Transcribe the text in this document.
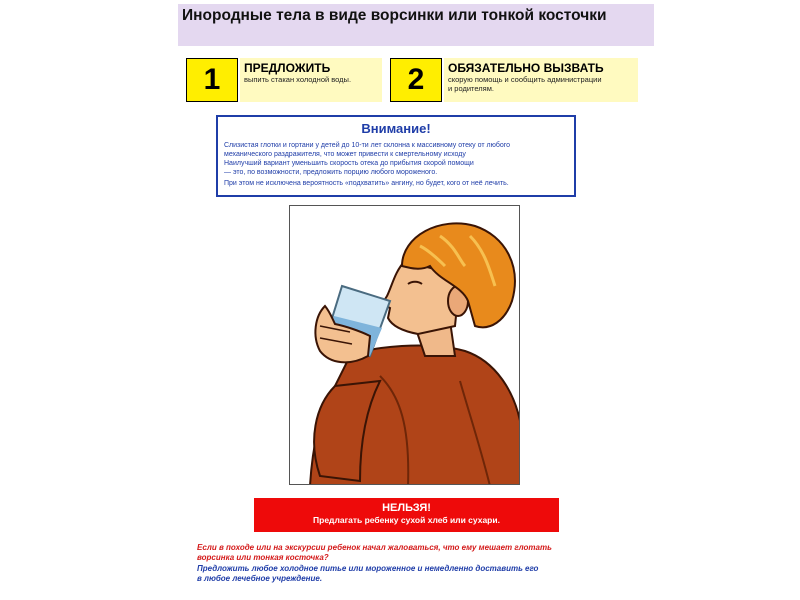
Инородные тела в виде ворсинки или тонкой косточки
1	ПРЕДЛОЖИТЬ
выпить стакан холодной воды.	2	ОБЯЗАТЕЛЬНО ВЫЗВАТЬ
скорую помощь и сообщить администрации
и родителям.
Внимание!
Слизистая глотки и гортани у детей до 10-ти лет склонна к массивному отеку от любого
механического раздражителя, что может привести к смертельному исходу
Наилучший вариант уменьшить скорость отека до прибытия скорой помощи
— это, по возможности, предложить порцию любого мороженого.
При этом не исключена вероятность «подхватить» ангину, но будет, кого от неё лечить.
НЕЛЬЗЯ!
Предлагать ребенку сухой хлеб или сухари.
Если в походе или на экскурсии ребенок начал жаловаться, что ему мешает глотать
ворсинка или тонкая косточка?
Предложить любое холодное питье или мороженное и немедленно доставить его
в любое лечебное учреждение.
